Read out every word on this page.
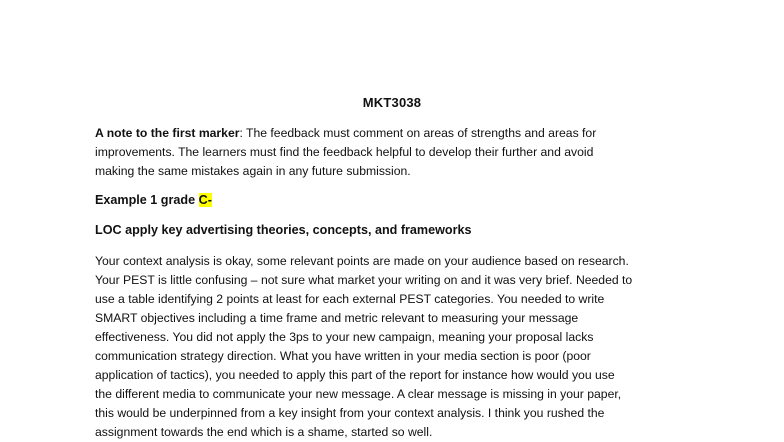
MKT3038
A note to the first marker: The feedback must comment on areas of strengths and areas for
improvements. The learners must find the feedback helpful to develop their further and avoid
making the same mistakes again in any future submission.
Example 1 grade C-
LOC apply key advertising theories, concepts, and frameworks
Your context analysis is okay, some relevant points are made on your audience based on research.
Your PEST is little confusing – not sure what market your writing on and it was very brief. Needed to
use a table identifying 2 points at least for each external PEST categories. You needed to write
SMART objectives including a time frame and metric relevant to measuring your message
effectiveness. You did not apply the 3ps to your new campaign, meaning your proposal lacks
communication strategy direction. What you have written in your media section is poor (poor
application of tactics), you needed to apply this part of the report for instance how would you use
the different media to communicate your new message. A clear message is missing in your paper,
this would be underpinned from a key insight from your context analysis. I think you rushed the
assignment towards the end which is a shame, started so well.
